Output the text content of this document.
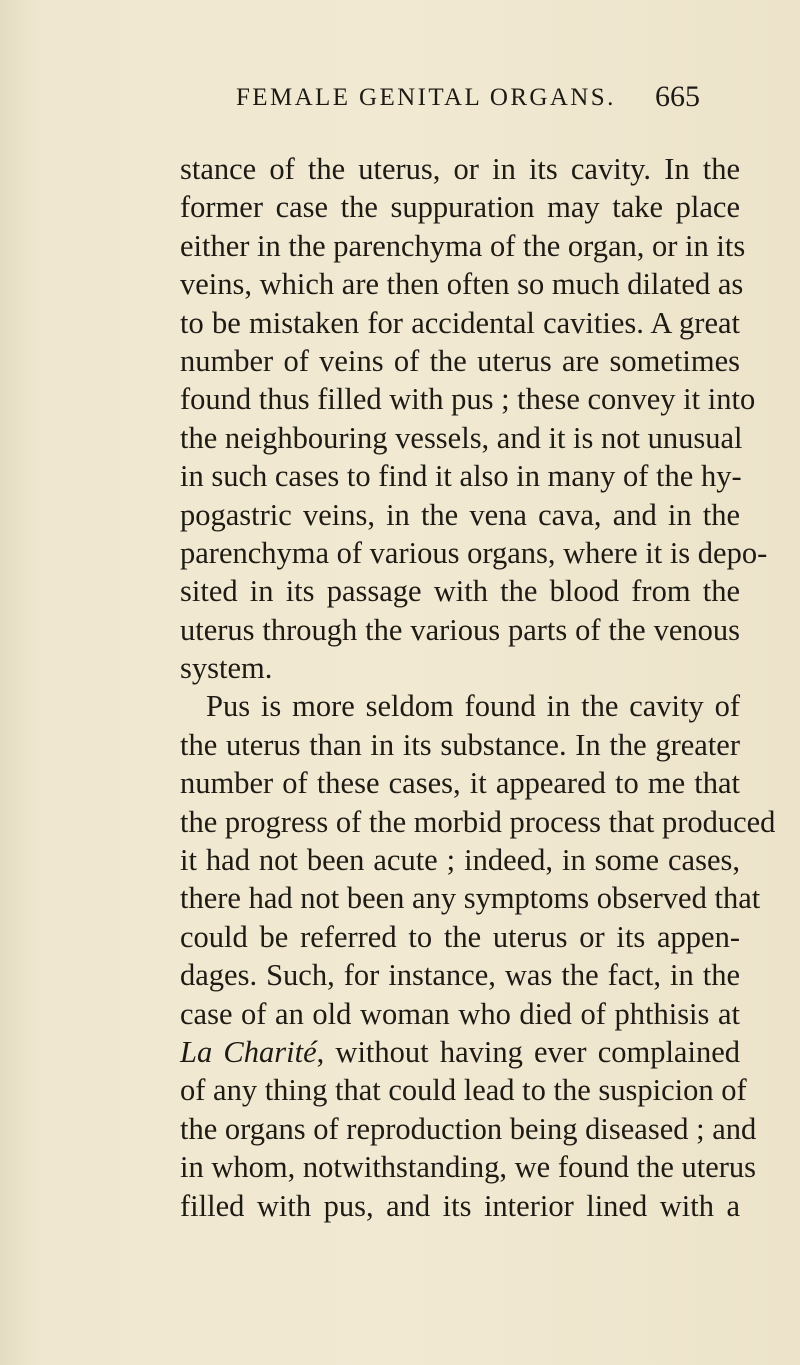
FEMALE GENITAL ORGANS. 665
stance of the uterus, or in its cavity. In the
former case the suppuration may take place
either in the parenchyma of the organ, or in its
veins, which are then often so much dilated as
to be mistaken for accidental cavities. A great
number of veins of the uterus are sometimes
found thus filled with pus ; these convey it into
the neighbouring vessels, and it is not unusual
in such cases to find it also in many of the hy-
pogastric veins, in the vena cava, and in the
parenchyma of various organs, where it is depo-
sited in its passage with the blood from the
uterus through the various parts of the venous
system.
Pus is more seldom found in the cavity of
the uterus than in its substance. In the greater
number of these cases, it appeared to me that
the progress of the morbid process that produced
it had not been acute ; indeed, in some cases,
there had not been any symptoms observed that
could be referred to the uterus or its appen-
dages. Such, for instance, was the fact, in the
case of an old woman who died of phthisis at
La Charité, without having ever complained
of any thing that could lead to the suspicion of
the organs of reproduction being diseased ; and
in whom, notwithstanding, we found the uterus
filled with pus, and its interior lined with a
